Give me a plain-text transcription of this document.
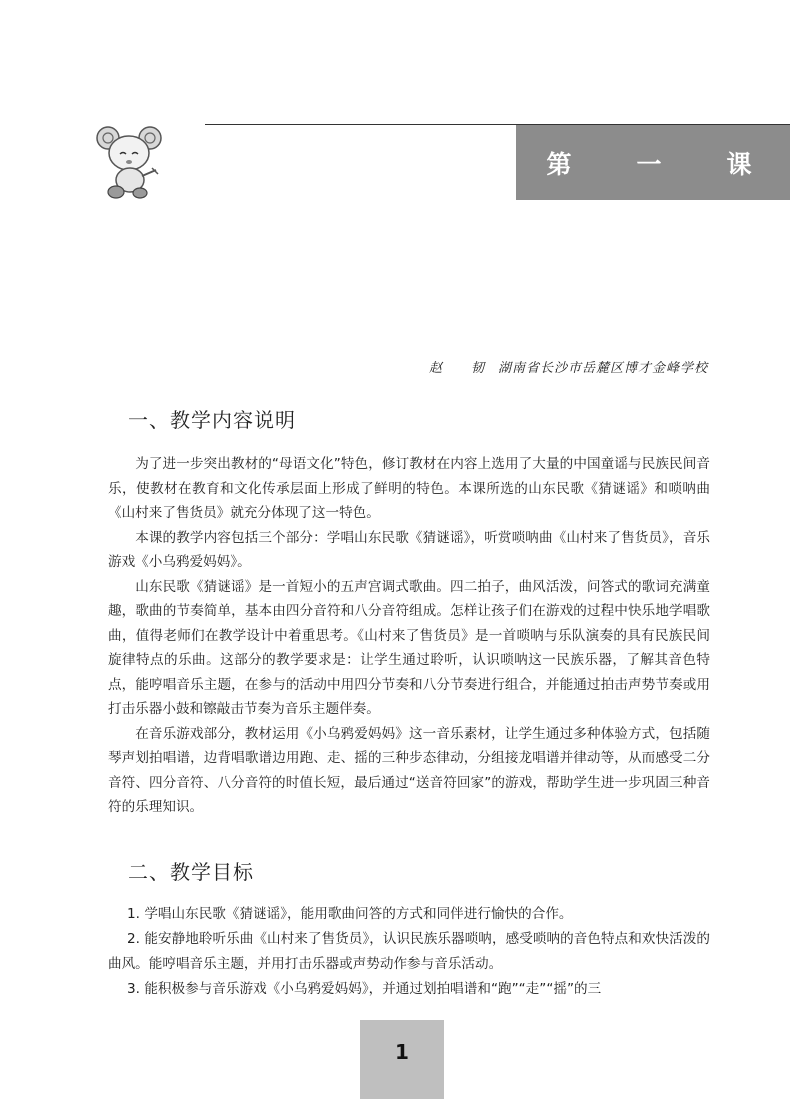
第　一　课
赵　韧 湖南省长沙市岳麓区博才金峰学校
一、教学内容说明

为了进一步突出教材的“母语文化”特色，修订教材在内容上选用了大量的中国童谣与民族民间音乐，使教材在教育和文化传承层面上形成了鲜明的特色。本课所选的山东民歌《猜谜谣》和唢呐曲《山村来了售货员》就充分体现了这一特色。

本课的教学内容包括三个部分：学唱山东民歌《猜谜谣》，听赏唢呐曲《山村来了售货员》，音乐游戏《小乌鸦爱妈妈》。

山东民歌《猜谜谣》是一首短小的五声宫调式歌曲。四二拍子，曲风活泼，问答式的歌词充满童趣，歌曲的节奏简单，基本由四分音符和八分音符组成。怎样让孩子们在游戏的过程中快乐地学唱歌曲，值得老师们在教学设计中着重思考。《山村来了售货员》是一首唢呐与乐队演奏的具有民族民间旋律特点的乐曲。这部分的教学要求是：让学生通过聆听，认识唢呐这一民族乐器，了解其音色特点，能哼唱音乐主题，在参与的活动中用四分节奏和八分节奏进行组合，并能通过拍击声势节奏或用打击乐器小鼓和镲敲击节奏为音乐主题伴奏。

在音乐游戏部分，教材运用《小乌鸦爱妈妈》这一音乐素材，让学生通过多种体验方式，包括随琴声划拍唱谱，边背唱歌谱边用跑、走、摇的三种步态律动，分组接龙唱谱并律动等，从而感受二分音符、四分音符、八分音符的时值长短，最后通过“送音符回家”的游戏，帮助学生进一步巩固三种音符的乐理知识。

二、教学目标

1. 学唱山东民歌《猜谜谣》，能用歌曲问答的方式和同伴进行愉快的合作。

2. 能安静地聆听乐曲《山村来了售货员》，认识民族乐器唢呐，感受唢呐的音色特点和欢快活泼的曲风。能哼唱音乐主题，并用打击乐器或声势动作参与音乐活动。

3. 能积极参与音乐游戏《小乌鸦爱妈妈》，并通过划拍唱谱和“跑”“走”“摇”的三

1
